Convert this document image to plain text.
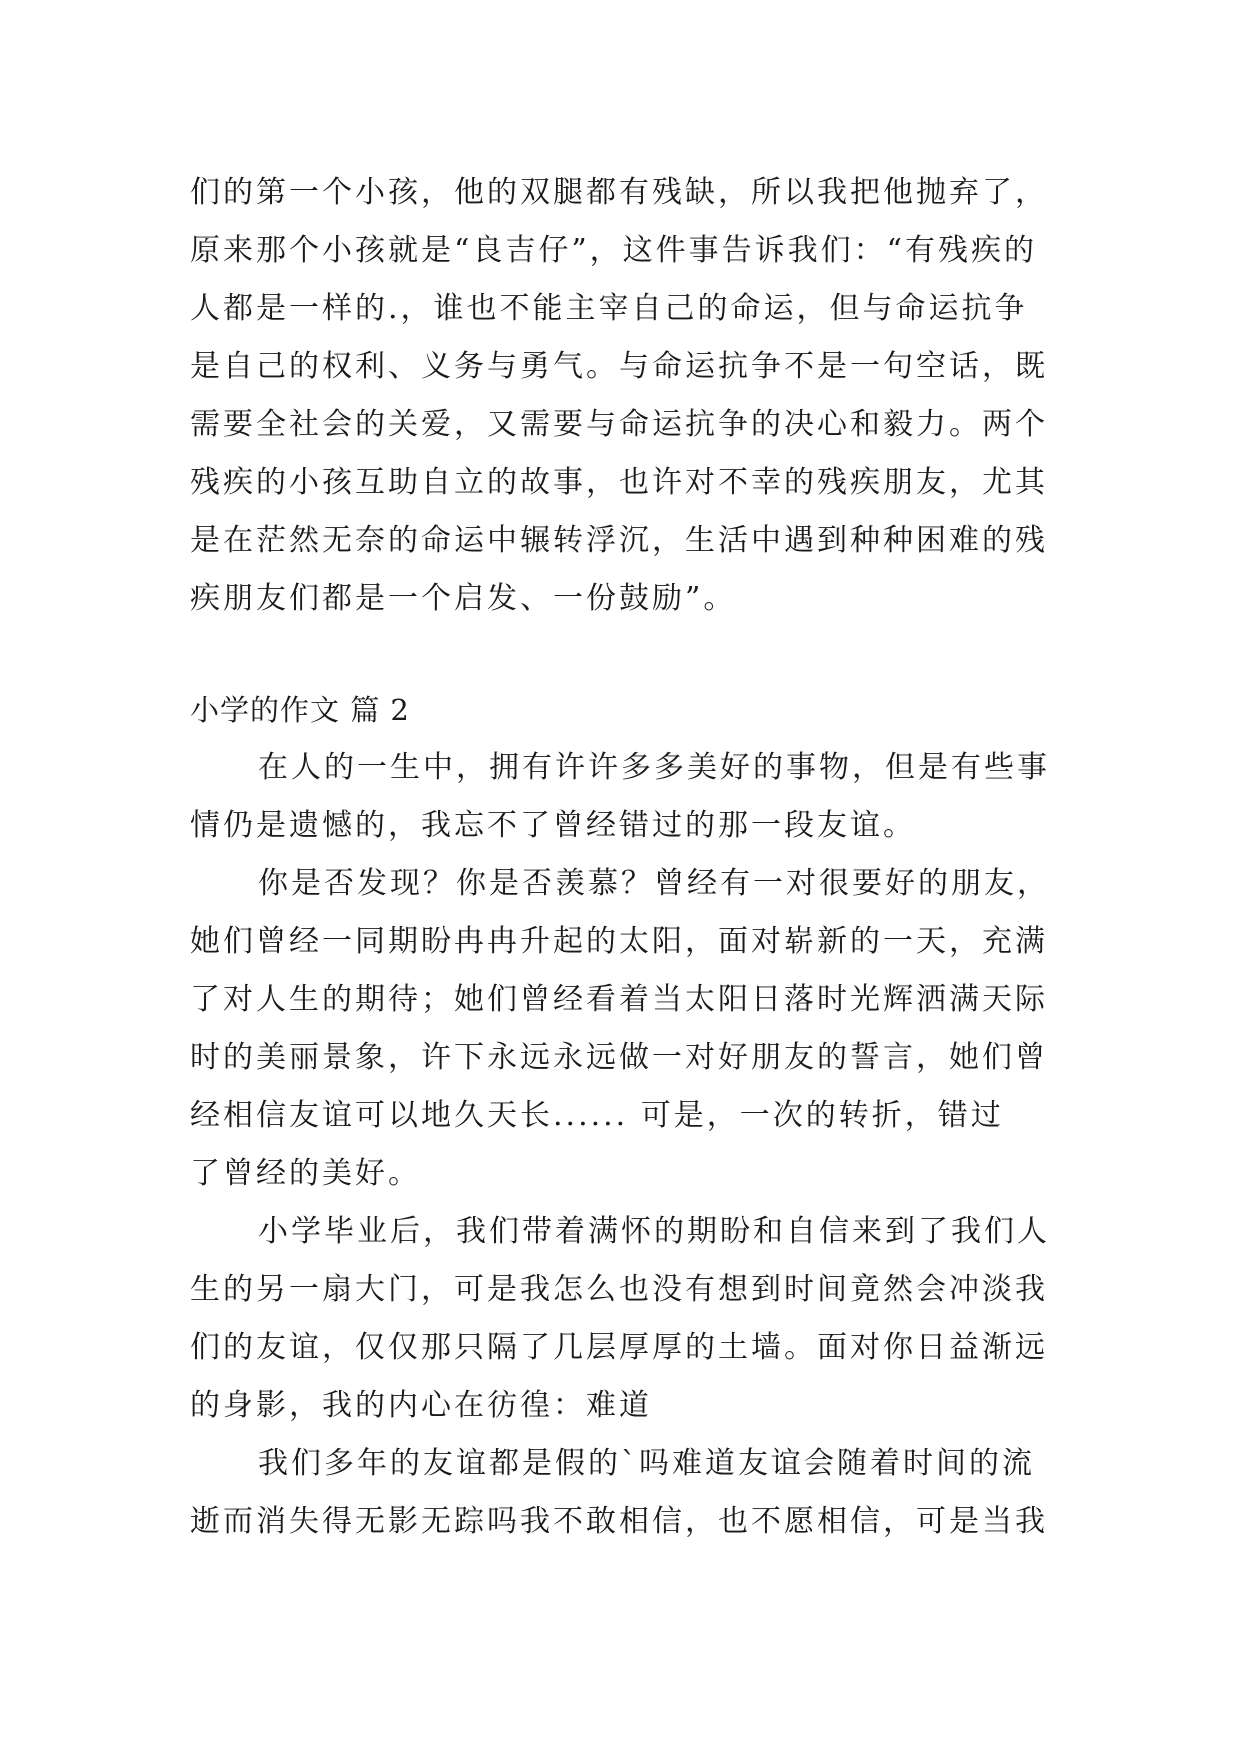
们的第一个小孩，他的双腿都有残缺，所以我把他抛弃了，

原来那个小孩就是“良吉仔”，这件事告诉我们：“有残疾的

人都是一样的.，谁也不能主宰自己的命运，但与命运抗争

是自己的权利、义务与勇气。与命运抗争不是一句空话，既

需要全社会的关爱，又需要与命运抗争的决心和毅力。两个

残疾的小孩互助自立的故事，也许对不幸的残疾朋友，尤其

是在茫然无奈的命运中辗转浮沉，生活中遇到种种困难的残

疾朋友们都是一个启发、一份鼓励”。

小学的作文 篇 2

在人的一生中，拥有许许多多美好的事物，但是有些事

情仍是遗憾的，我忘不了曾经错过的那一段友谊。

你是否发现？你是否羡慕？曾经有一对很要好的朋友，

她们曾经一同期盼冉冉升起的太阳，面对崭新的一天，充满

了对人生的期待；她们曾经看着当太阳日落时光辉洒满天际

时的美丽景象，许下永远永远做一对好朋友的誓言，她们曾

经相信友谊可以地久天长...... 可是，一次的转折，错过

了曾经的美好。

小学毕业后，我们带着满怀的期盼和自信来到了我们人

生的另一扇大门，可是我怎么也没有想到时间竟然会冲淡我

们的友谊，仅仅那只隔了几层厚厚的土墙。面对你日益渐远

的身影，我的内心在彷徨：难道

我们多年的友谊都是假的`吗难道友谊会随着时间的流

逝而消失得无影无踪吗我不敢相信，也不愿相信，可是当我
